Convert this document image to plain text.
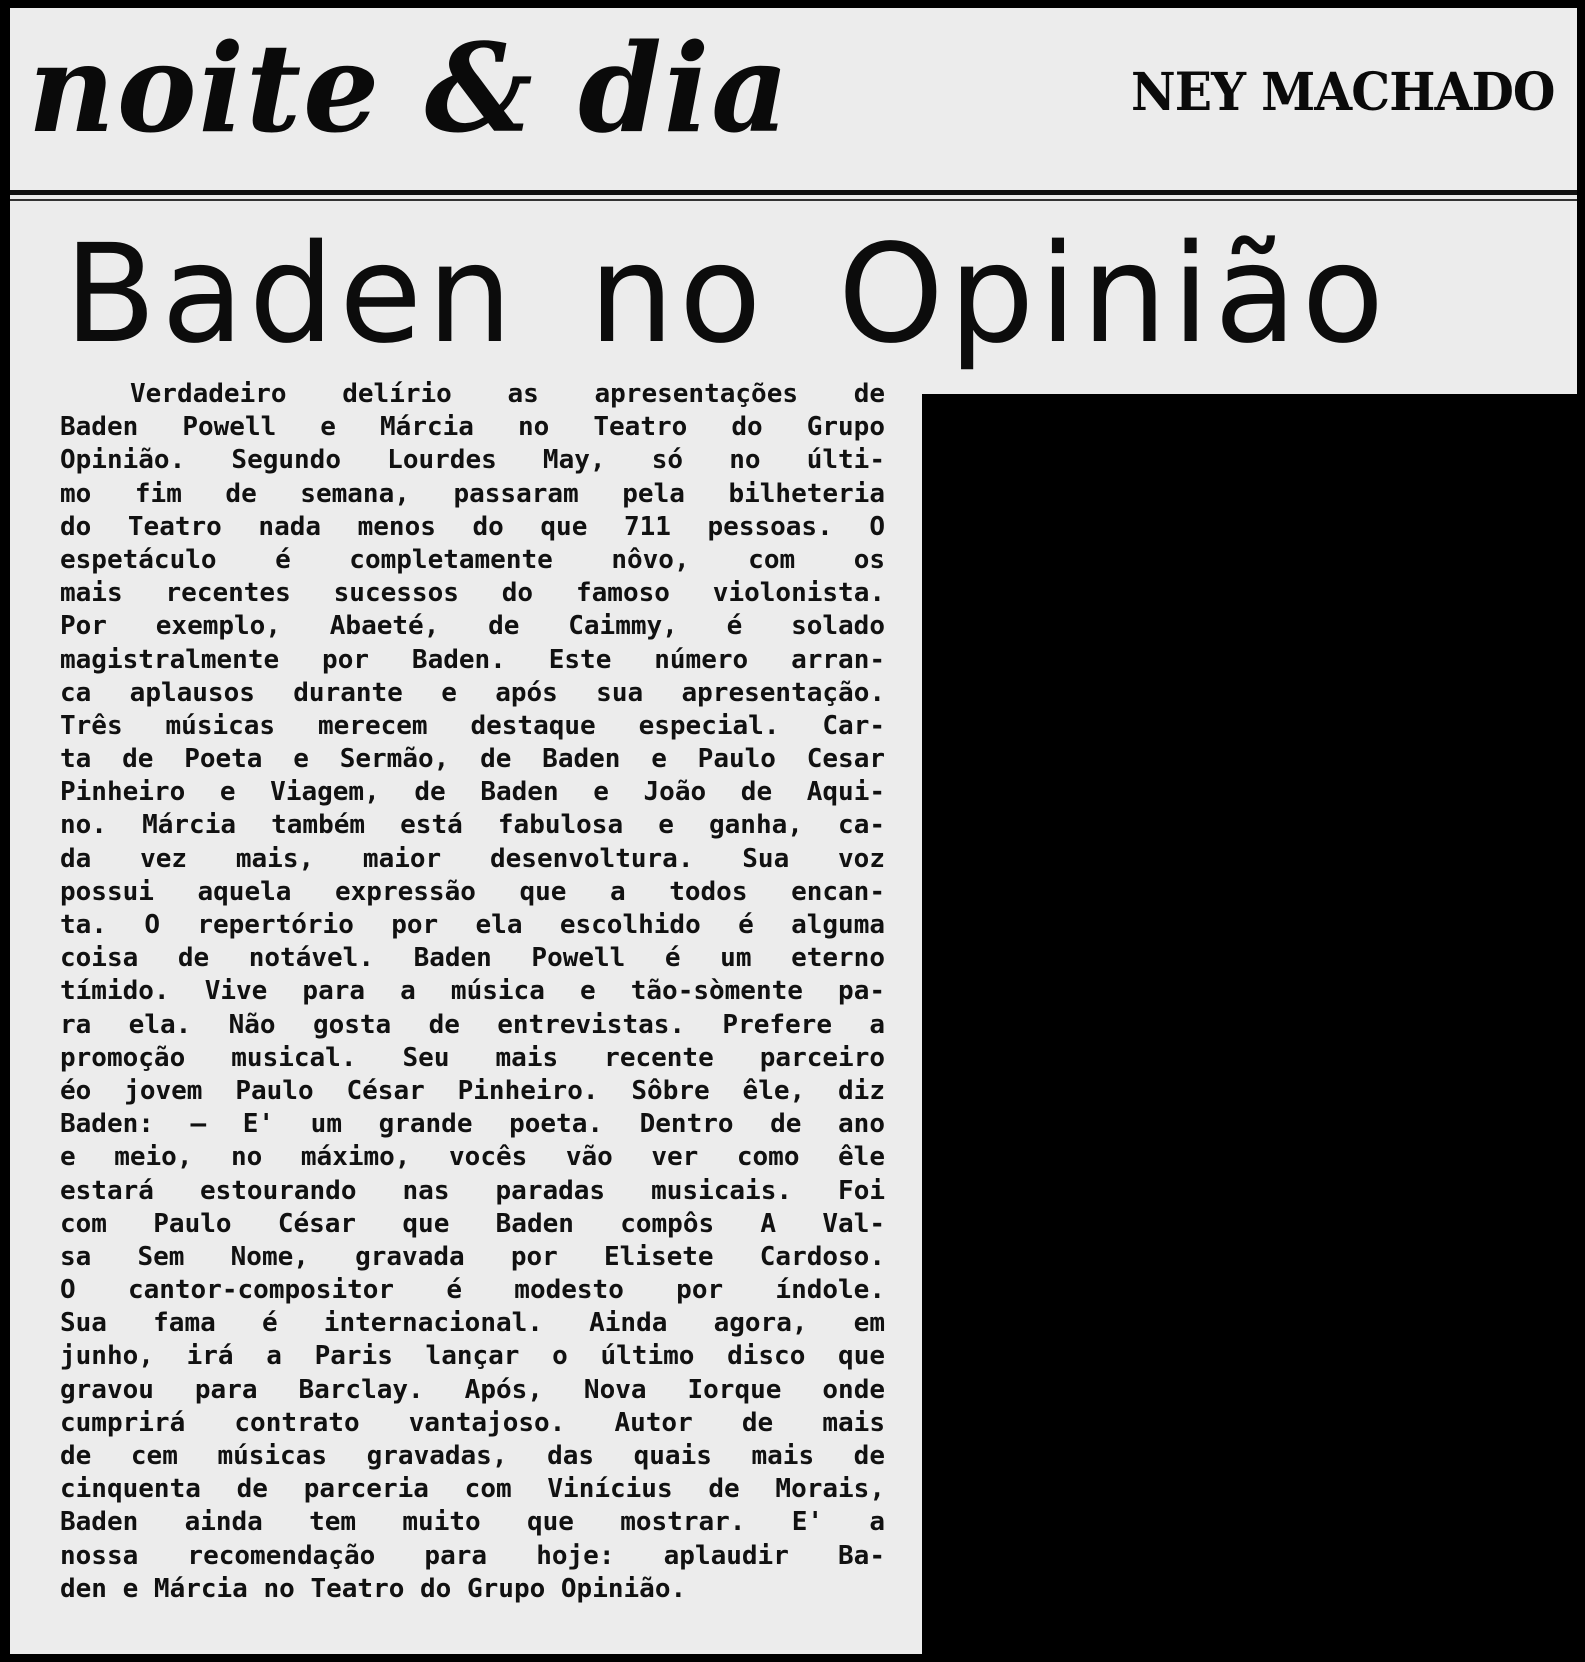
noite & dia	NEY MACHADO
Baden no Opinião
Verdadeiro delírio as apresentações de
Baden Powell e Márcia no Teatro do Grupo
Opinião. Segundo Lourdes May, só no últi-
mo fim de semana, passaram pela bilheteria
do Teatro nada menos do que 711 pessoas. O
espetáculo é completamente nôvo, com os
mais recentes sucessos do famoso violonista.
Por exemplo, Abaeté, de Caimmy, é solado
magistralmente por Baden. Este número arran-
ca aplausos durante e após sua apresentação.
Três músicas merecem destaque especial. Car-
ta de Poeta e Sermão, de Baden e Paulo Cesar
Pinheiro e Viagem, de Baden e João de Aqui-
no. Márcia também está fabulosa e ganha, ca-
da vez mais, maior desenvoltura. Sua voz
possui aquela expressão que a todos encan-
ta. O repertório por ela escolhido é alguma
coisa de notável. Baden Powell é um eterno
tímido. Vive para a música e tão-sòmente pa-
ra ela. Não gosta de entrevistas. Prefere a
promoção musical. Seu mais recente parceiro
éo jovem Paulo César Pinheiro. Sôbre êle, diz
Baden: — E' um grande poeta. Dentro de ano
e meio, no máximo, vocês vão ver como êle
estará estourando nas paradas musicais. Foi
com Paulo César que Baden compôs A Val-
sa Sem Nome, gravada por Elisete Cardoso.
O cantor-compositor é modesto por índole.
Sua fama é internacional. Ainda agora, em
junho, irá a Paris lançar o último disco que
gravou para Barclay. Após, Nova Iorque onde
cumprirá contrato vantajoso. Autor de mais
de cem músicas gravadas, das quais mais de
cinquenta de parceria com Vinícius de Morais,
Baden ainda tem muito que mostrar. E' a
nossa recomendação para hoje: aplaudir Ba-
den e Márcia no Teatro do Grupo Opinião.
